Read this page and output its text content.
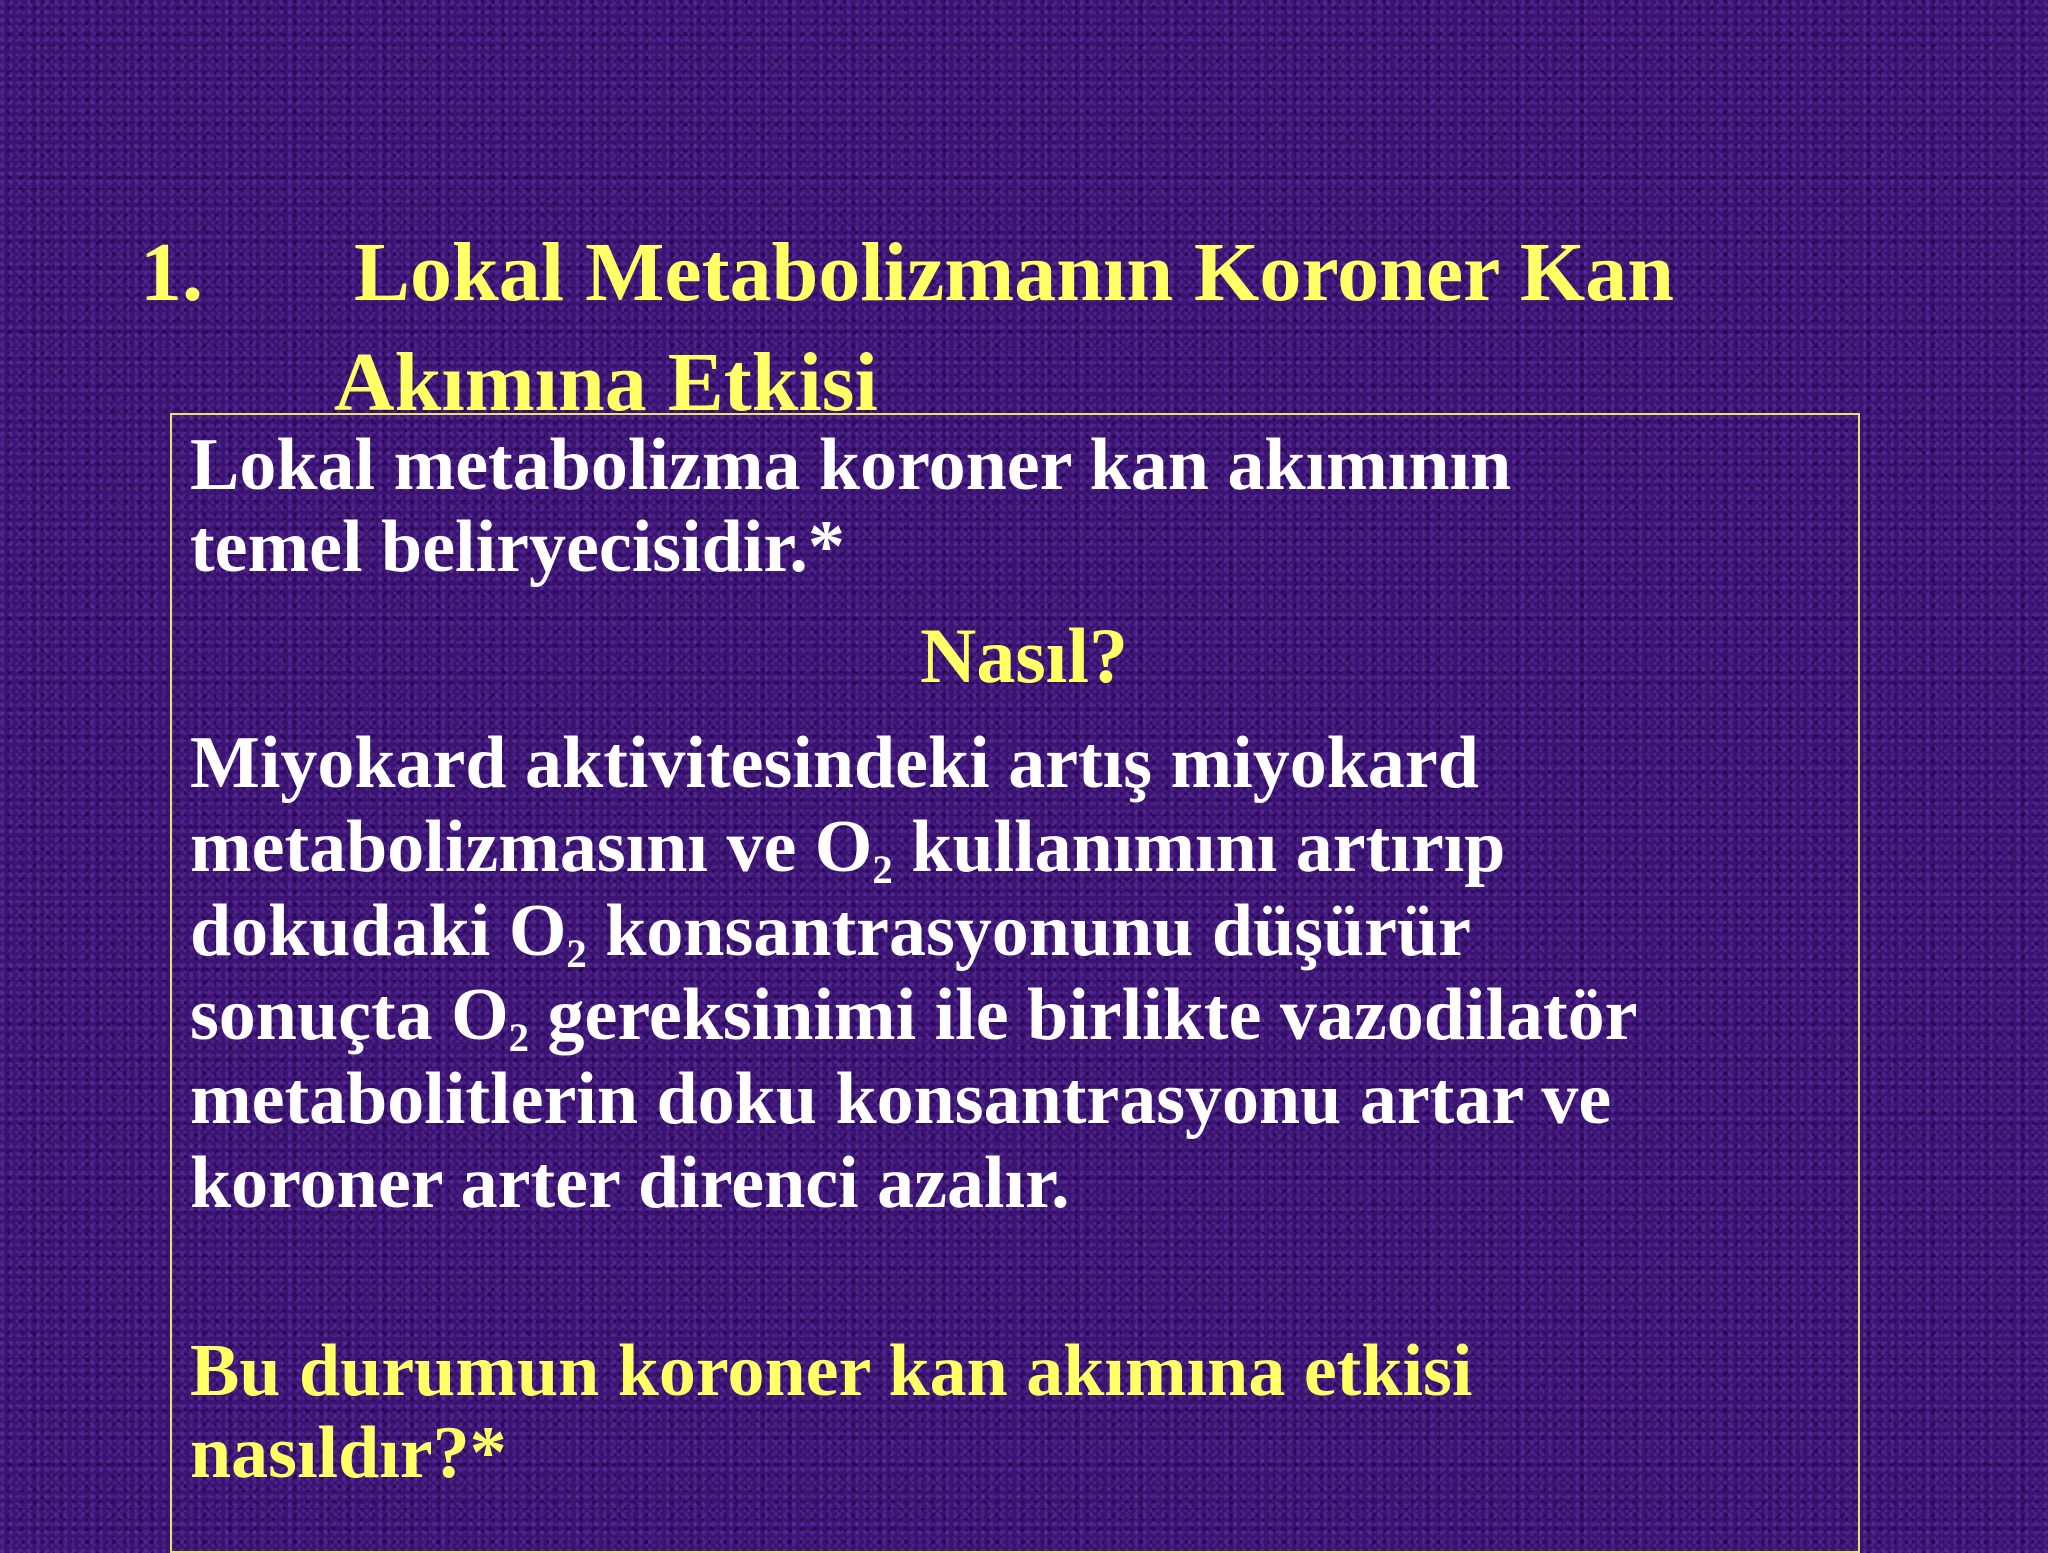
1.	Lokal Metabolizmanın Koroner Kan
Akımına Etkisi

Lokal metabolizma koroner kan akımının
temel beliryecisidir.*

Nasıl?

Miyokard aktivitesindeki artış miyokard
metabolizmasını ve $O_2$ kullanımını artırıp
dokudaki $O_2$ konsantrasyonunu düşürür
sonuçta $O_2$ gereksinimi ile birlikte vazodilatör
metabolitlerin doku konsantrasyonu artar ve
koroner arter direnci azalır.

Bu durumun koroner kan akımına etkisi
nasıldır?*
